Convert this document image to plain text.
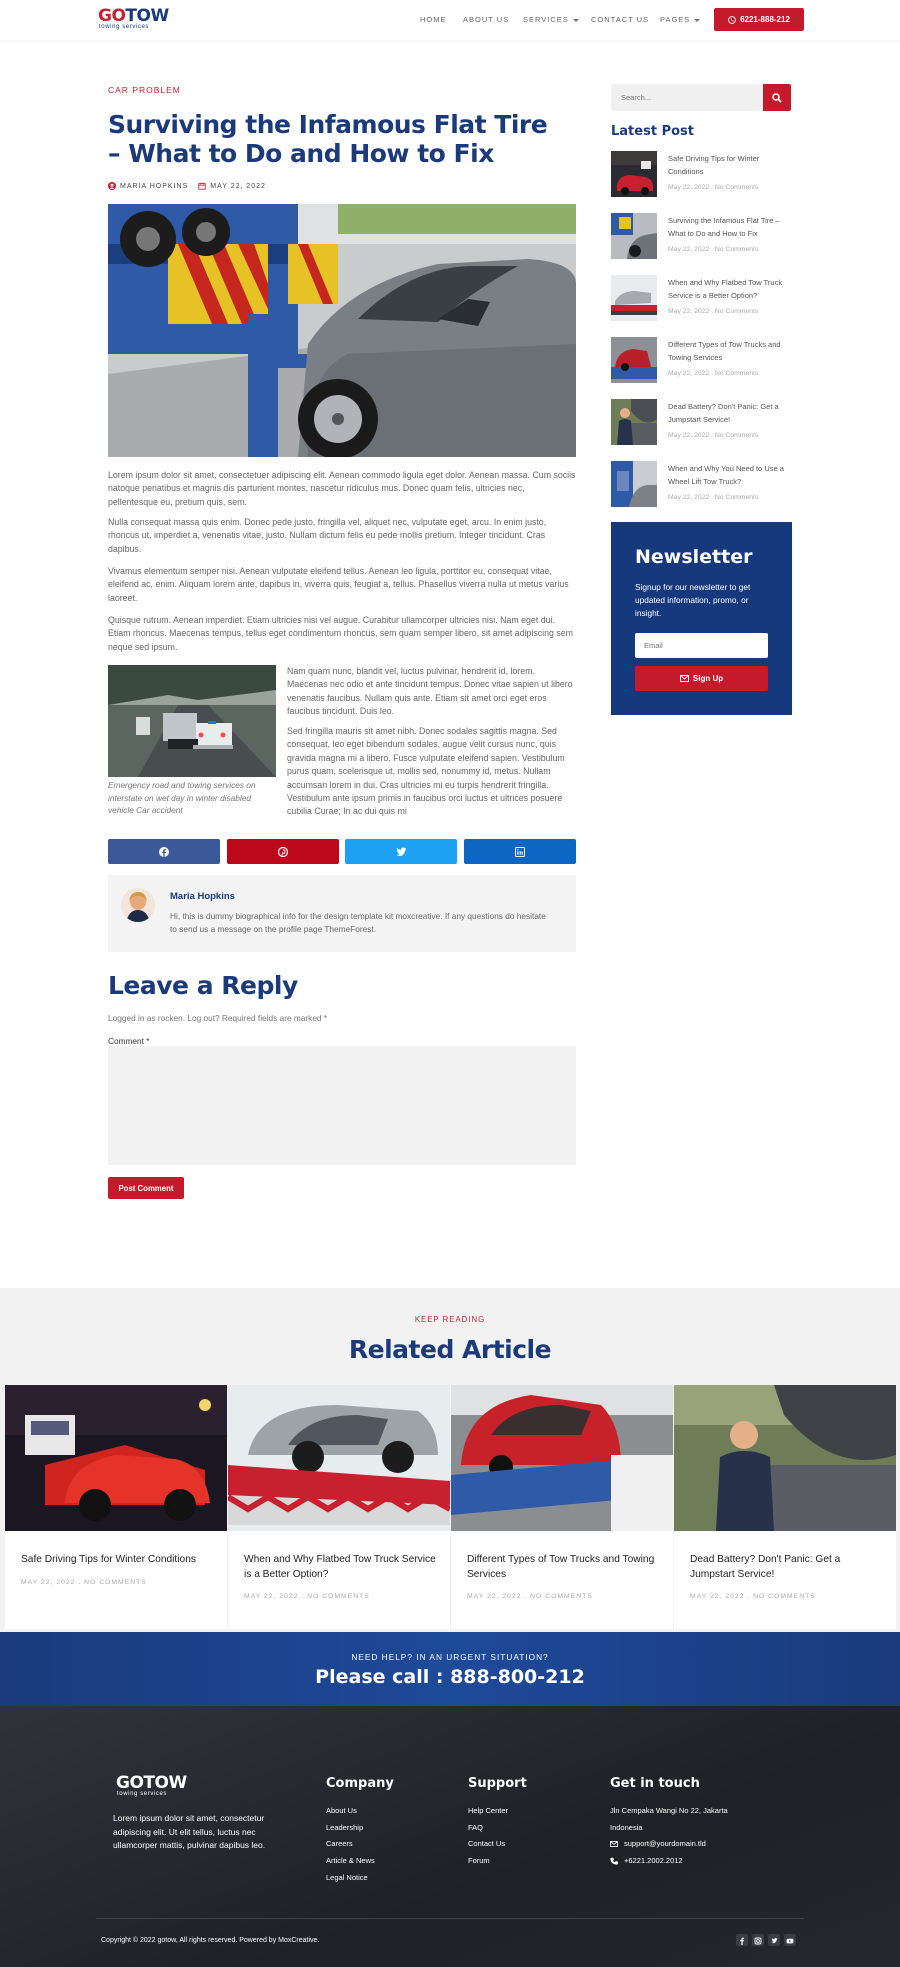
GOTOW
towing services
HOME ABOUT US SERVICES	CONTACT US PAGES	6221-888-212
CAR PROBLEM
Surviving the Infamous Flat Tire – What to Do and How to Fix
MARIA HOPKINS	MAY 22, 2022

Lorem ipsum dolor sit amet, consectetuer adipiscing elit. Aenean commodo ligula eget dolor. Aenean massa. Cum sociis natoque penatibus et magnis dis parturient montes, nascetur ridiculus mus. Donec quam felis, ultricies nec, pellentesque eu, pretium quis, sem.

Nulla consequat massa quis enim. Donec pede justo, fringilla vel, aliquet nec, vulputate eget, arcu. In enim justo, rhoncus ut, imperdiet a, venenatis vitae, justo. Nullam dictum felis eu pede mollis pretium. Integer tincidunt. Cras dapibus.

Vivamus elementum semper nisi. Aenean vulputate eleifend tellus. Aenean leo ligula, porttitor eu, consequat vitae, eleifend ac, enim. Aliquam lorem ante, dapibus in, viverra quis, feugiat a, tellus. Phasellus viverra nulla ut metus varius laoreet.

Quisque rutrum. Aenean imperdiet. Etiam ultricies nisi vel augue. Curabitur ullamcorper ultricies nisi. Nam eget dui. Etiam rhoncus. Maecenas tempus, tellus eget condimentum rhoncus, sem quam semper libero, sit amet adipiscing sem neque sed ipsum.

Emergency road and towing services on interstate on wet day in winter disabled vehicle Car accident

Nam quam nunc, blandit vel, luctus pulvinar, hendrerit id, lorem. Maecenas nec odio et ante tincidunt tempus. Donec vitae sapien ut libero venenatis faucibus. Nullam quis ante. Etiam sit amet orci eget eros faucibus tincidunt. Duis leo.

Sed fringilla mauris sit amet nibh. Donec sodales sagittis magna. Sed consequat, leo eget bibendum sodales, augue velit cursus nunc, quis gravida magna mi a libero. Fusce vulputate eleifend sapien. Vestibulum purus quam, scelerisque ut, mollis sed, nonummy id, metus. Nullam accumsan lorem in dui. Cras ultricies mi eu turpis hendrerit fringilla. Vestibulum ante ipsum primis in faucibus orci luctus et ultrices posuere cubilia Curae; In ac dui quis mi

Maria Hopkins
Hi, this is dummy biographical info for the design template kit moxcreative. If any questions do hesitate to send us a message on the profile page ThemeForest.
Leave a Reply
Logged in as rocken. Log out? Required fields are marked *
Comment *
Post Comment
Search...
Latest Post
Safe Driving Tips for Winter Conditions
May 22, 2022 . No Comments
Surviving the Infamous Flat Tire – What to Do and How to Fix
May 22, 2022 . No Comments
When and Why Flatbed Tow Truck Service is a Better Option?
May 22, 2022 . No Comments
Different Types of Tow Trucks and Towing Services
May 22, 2022 . No Comments
Dead Battery? Don't Panic: Get a Jumpstart Service!
May 22, 2022 . No Comments
When and Why You Need to Use a Wheel Lift Tow Truck?
May 22, 2022 . No Comments
Newsletter
Signup for our newsletter to get updated information, promo, or insight.
Email
Sign Up
KEEP READING
Related Article
Safe Driving Tips for Winter Conditions
MAY 22, 2022 . NO COMMENTS
When and Why Flatbed Tow Truck Service is a Better Option?
MAY 22, 2022 . NO COMMENTS
Different Types of Tow Trucks and Towing Services
MAY 22, 2022 . NO COMMENTS
Dead Battery? Don't Panic: Get a Jumpstart Service!
MAY 22, 2022 . NO COMMENTS
NEED HELP? IN AN URGENT SITUATION?
Please call : 888-800-212
GOTOW
towing services
Lorem ipsum dolor sit amet, consectetur adipiscing elit. Ut elit tellus, luctus nec ullamcorper mattis, pulvinar dapibus leo.
Company
About Us
Leadership
Careers
Article & News
Legal Notice
Support
Help Center
FAQ
Contact Us
Forum
Get in touch
Jln Cempaka Wangi No 22, Jakarta
Indonesia
support@yourdomain.tld
+6221.2002.2012
Copyright © 2022 gotow, All rights reserved. Powered by MoxCreative.
